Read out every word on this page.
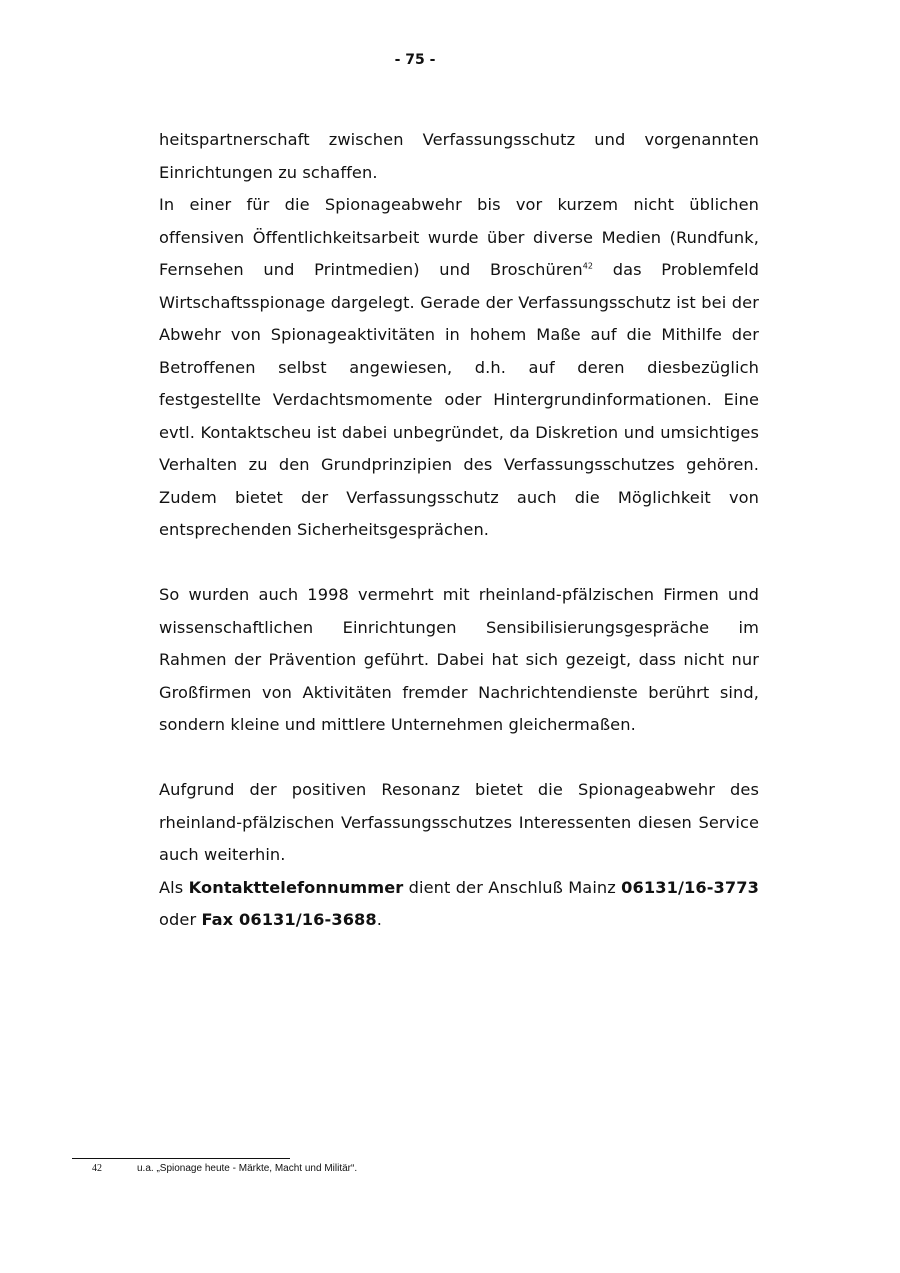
- 75 -

heitspartnerschaft zwischen Verfassungsschutz und vorgenannten Einrichtungen zu schaffen.

In einer für die Spionageabwehr bis vor kurzem nicht üblichen offensiven Öffentlichkeitsarbeit wurde über diverse Medien (Rundfunk, Fernsehen und Printmedien) und Broschüren$^{42}$ das Problemfeld Wirtschaftsspionage dargelegt. Gerade der Verfassungsschutz ist bei der Abwehr von Spionageaktivitäten in hohem Maße auf die Mithilfe der Betroffenen selbst angewiesen, d.h. auf deren diesbezüglich festgestellte Verdachtsmomente oder Hintergrundinformationen. Eine evtl. Kontaktscheu ist dabei unbegründet, da Diskretion und umsichtiges Verhalten zu den Grundprinzipien des Verfassungsschutzes gehören. Zudem bietet der Verfassungsschutz auch die Möglichkeit von entsprechenden Sicherheitsgesprächen.

So wurden auch 1998 vermehrt mit rheinland-pfälzischen Firmen und wissenschaftlichen Einrichtungen Sensibilisierungsgespräche im Rahmen der Prävention geführt. Dabei hat sich gezeigt, dass nicht nur Großfirmen von Aktivitäten fremder Nachrichtendienste berührt sind, sondern kleine und mittlere Unternehmen gleichermaßen.

Aufgrund der positiven Resonanz bietet die Spionageabwehr des rheinland-pfälzischen Verfassungsschutzes Interessenten diesen Service auch weiterhin.

Als Kontakttelefonnummer dient der Anschluß Mainz 06131/16-3773 oder Fax 06131/16-3688.

42	u.a. „Spionage heute - Märkte, Macht und Militär“.
